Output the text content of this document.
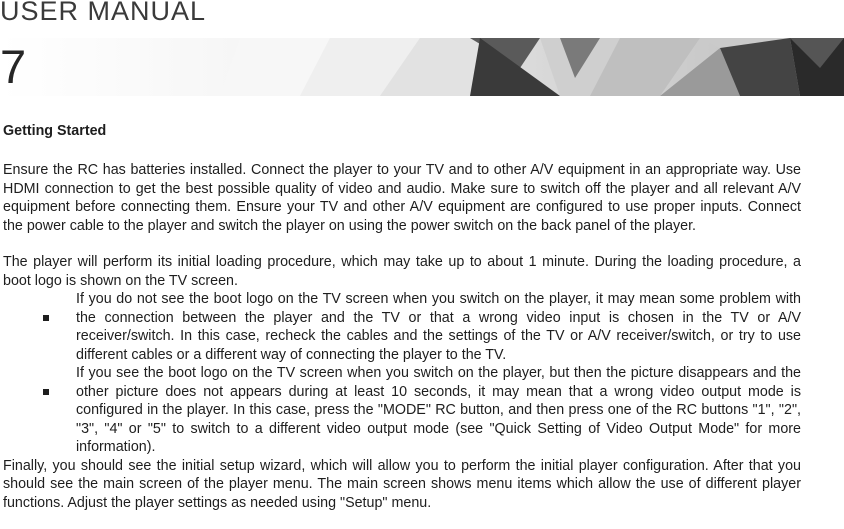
USER MANUAL
7
Getting Started

Ensure the RC has batteries installed. Connect the player to your TV and to other A/V equipment in an appropriate way. Use HDMI connection to get the best possible quality of video and audio. Make sure to switch off the player and all relevant A/V equipment before connecting them. Ensure your TV and other A/V equipment are configured to use proper inputs. Connect the power cable to the player and switch the player on using the power switch on the back panel of the player.

The player will perform its initial loading procedure, which may take up to about 1 minute. During the loading procedure, a boot logo is shown on the TV screen.

If you do not see the boot logo on the TV screen when you switch on the player, it may mean some problem with the connection between the player and the TV or that a wrong video input is chosen in the TV or A/V receiver/switch. In this case, recheck the cables and the settings of the TV or A/V receiver/switch, or try to use different cables or a different way of connecting the player to the TV.
If you see the boot logo on the TV screen when you switch on the player, but then the picture disappears and the other picture does not appears during at least 10 seconds, it may mean that a wrong video output mode is configured in the player. In this case, press the "MODE" RC button, and then press one of the RC buttons "1", "2", "3", "4" or "5" to switch to a different video output mode (see "Quick Setting of Video Output Mode" for more information).

Finally, you should see the initial setup wizard, which will allow you to perform the initial player configuration. After that you should see the main screen of the player menu. The main screen shows menu items which allow the use of different player functions. Adjust the player settings as needed using "Setup" menu.
